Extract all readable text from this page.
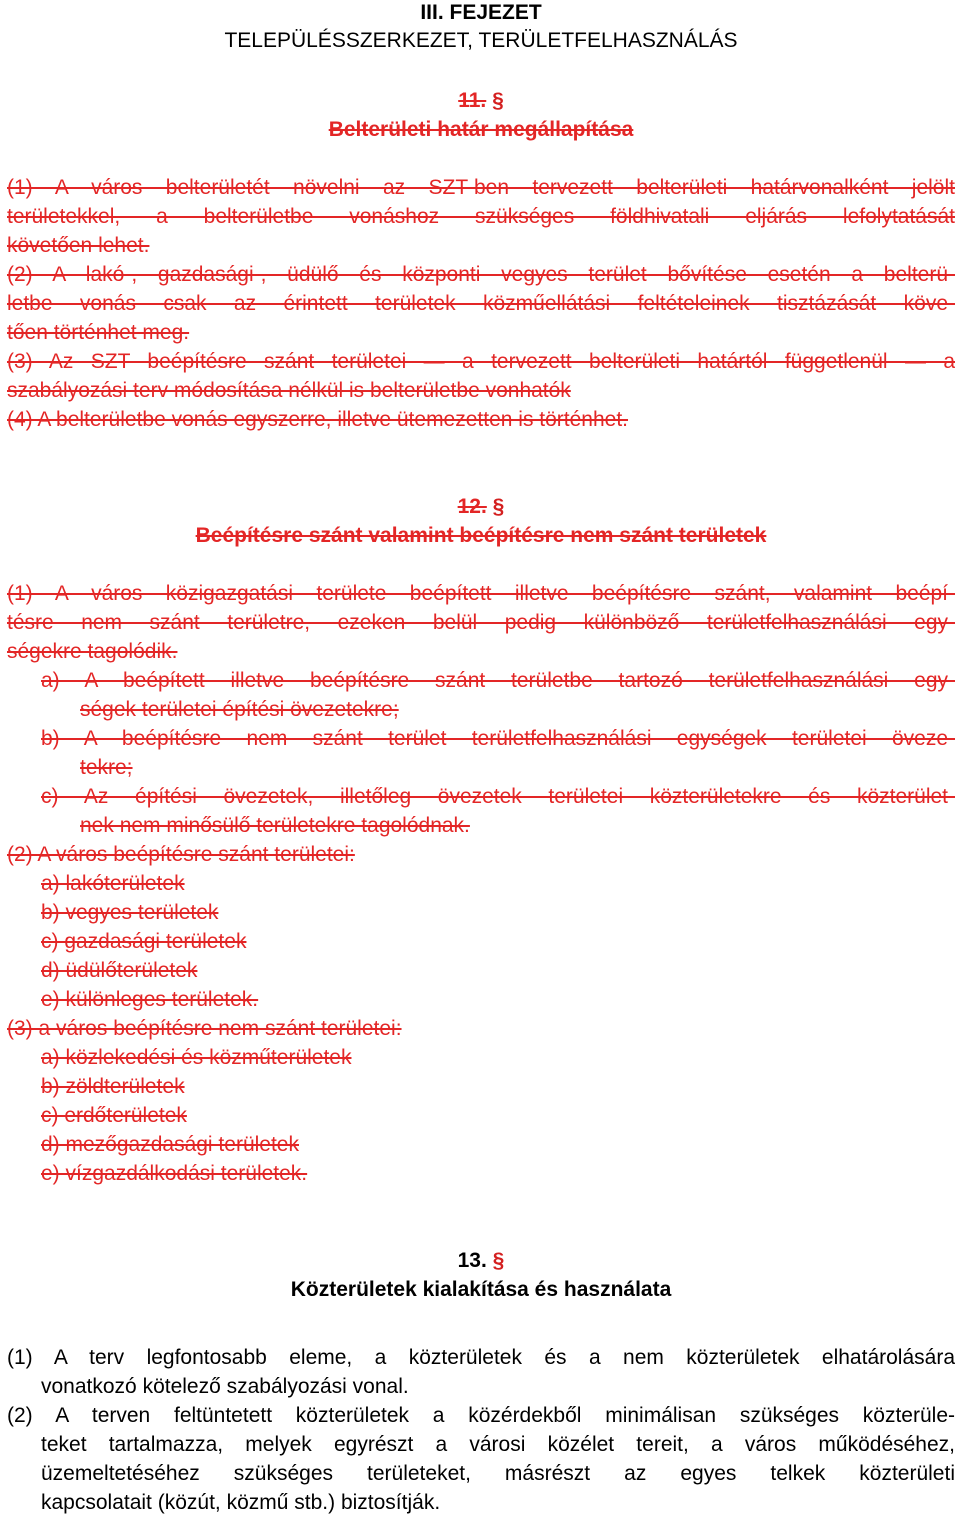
III. FEJEZET
TELEPÜLÉSSZERKEZET, TERÜLETFELHASZNÁLÁS
11. §
Belterületi határ megállapítása
(1) A város belterületét növelni az SZT-ben tervezett belterületi határvonalként jelölt
területekkel, a belterületbe vonáshoz szükséges földhivatali eljárás lefolytatását
követően lehet.
(2) A lakó-, gazdasági-, üdülő és központi vegyes terület bővítése esetén a belterü-
letbe vonás csak az érintett területek közműellátási feltételeinek tisztázását köve-
tően történhet meg.
(3) Az SZT beépítésre szánt területei — a tervezett belterületi határtól függetlenül — a
szabályozási terv módosítása nélkül is belterületbe vonhatók
(4) A belterületbe vonás egyszerre, illetve ütemezetten is történhet.
12. §
Beépítésre szánt valamint beépítésre nem szánt területek
(1) A város közigazgatási területe beépített illetve beépítésre szánt, valamint beépí-
tésre nem szánt területre, ezeken belül pedig különböző területfelhasználási egy-
ségekre tagolódik.
a) A beépített illetve beépítésre szánt területbe tartozó területfelhasználási egy-
ségek területei építési övezetekre;
b) A beépítésre nem szánt terület területfelhasználási egységek területei öveze-
tekre;
c) Az építési övezetek, illetőleg övezetek területei közterületekre és közterület-
nek nem minősülő területekre tagolódnak.
(2) A város beépítésre szánt területei:
a) lakóterületek
b) vegyes területek
c) gazdasági területek
d) üdülőterületek
e) különleges területek.
(3) a város beépítésre nem szánt területei:
a) közlekedési és közműterületek
b) zöldterületek
c) erdőterületek
d) mezőgazdasági területek
e) vízgazdálkodási területek.
13. §
Közterületek kialakítása és használata
(1) A terv legfontosabb eleme, a közterületek és a nem közterületek elhatárolására
vonatkozó kötelező szabályozási vonal.
(2) A terven feltüntetett közterületek a közérdekből minimálisan szükséges közterüle-
teket tartalmazza, melyek egyrészt a városi közélet tereit, a város működéséhez,
üzemeltetéséhez szükséges területeket, másrészt az egyes telkek közterületi
kapcsolatait (közút, közmű stb.) biztosítják.
